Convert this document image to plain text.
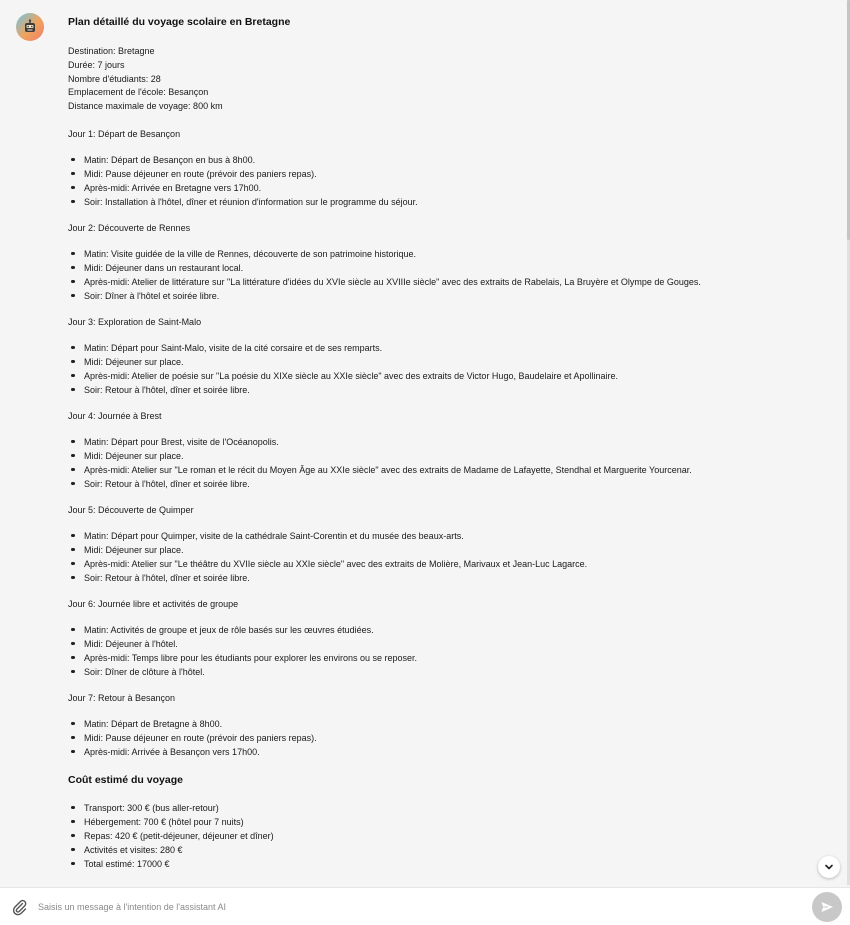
Plan détaillé du voyage scolaire en Bretagne

Destination: Bretagne

Durée: 7 jours

Nombre d'étudiants: 28

Emplacement de l'école: Besançon

Distance maximale de voyage: 800 km

Jour 1: Départ de Besançon

Matin: Départ de Besançon en bus à 8h00.
Midi: Pause déjeuner en route (prévoir des paniers repas).
Après-midi: Arrivée en Bretagne vers 17h00.
Soir: Installation à l'hôtel, dîner et réunion d'information sur le programme du séjour.

Jour 2: Découverte de Rennes

Matin: Visite guidée de la ville de Rennes, découverte de son patrimoine historique.
Midi: Déjeuner dans un restaurant local.
Après-midi: Atelier de littérature sur "La littérature d'idées du XVIe siècle au XVIIIe siècle" avec des extraits de Rabelais, La Bruyère et Olympe de Gouges.
Soir: Dîner à l'hôtel et soirée libre.

Jour 3: Exploration de Saint-Malo

Matin: Départ pour Saint-Malo, visite de la cité corsaire et de ses remparts.
Midi: Déjeuner sur place.
Après-midi: Atelier de poésie sur "La poésie du XIXe siècle au XXIe siècle" avec des extraits de Victor Hugo, Baudelaire et Apollinaire.
Soir: Retour à l'hôtel, dîner et soirée libre.

Jour 4: Journée à Brest

Matin: Départ pour Brest, visite de l'Océanopolis.
Midi: Déjeuner sur place.
Après-midi: Atelier sur "Le roman et le récit du Moyen Âge au XXIe siècle" avec des extraits de Madame de Lafayette, Stendhal et Marguerite Yourcenar.
Soir: Retour à l'hôtel, dîner et soirée libre.

Jour 5: Découverte de Quimper

Matin: Départ pour Quimper, visite de la cathédrale Saint-Corentin et du musée des beaux-arts.
Midi: Déjeuner sur place.
Après-midi: Atelier sur "Le théâtre du XVIIe siècle au XXIe siècle" avec des extraits de Molière, Marivaux et Jean-Luc Lagarce.
Soir: Retour à l'hôtel, dîner et soirée libre.

Jour 6: Journée libre et activités de groupe

Matin: Activités de groupe et jeux de rôle basés sur les œuvres étudiées.
Midi: Déjeuner à l'hôtel.
Après-midi: Temps libre pour les étudiants pour explorer les environs ou se reposer.
Soir: Dîner de clôture à l'hôtel.

Jour 7: Retour à Besançon

Matin: Départ de Bretagne à 8h00.
Midi: Pause déjeuner en route (prévoir des paniers repas).
Après-midi: Arrivée à Besançon vers 17h00.
Coût estimé du voyage
Transport: 300 € (bus aller-retour)
Hébergement: 700 € (hôtel pour 7 nuits)
Repas: 420 € (petit-déjeuner, déjeuner et dîner)
Activités et visites: 280 €
Total estimé: 17000 €
Saisis un message à l'intention de l'assistant AI
